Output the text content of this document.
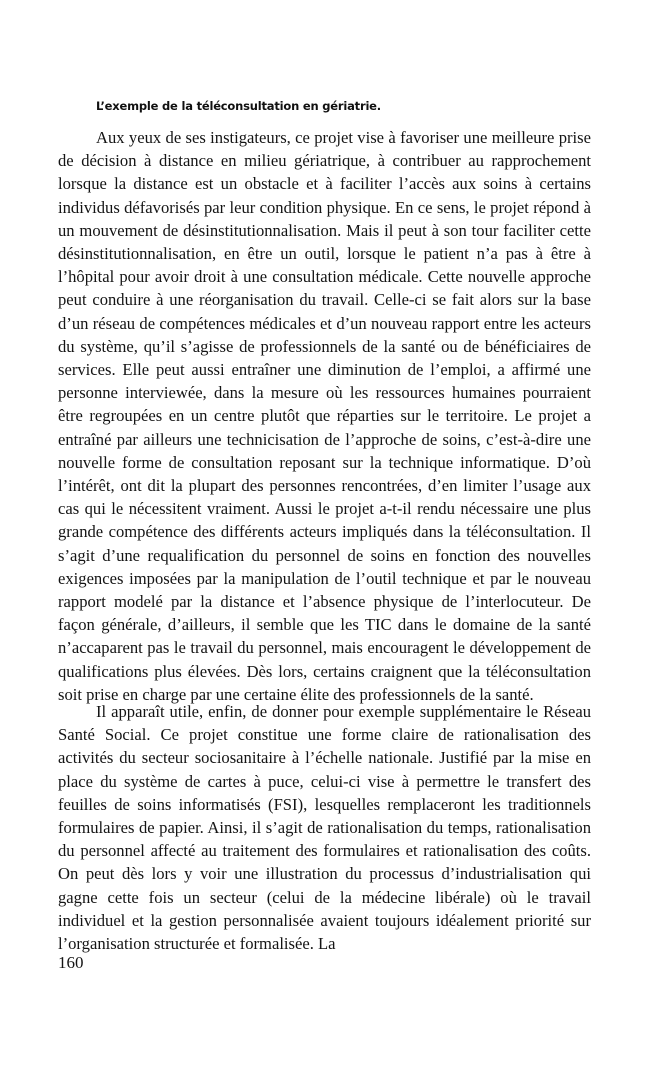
L’exemple de la téléconsultation en gériatrie.

Aux yeux de ses instigateurs, ce projet vise à favoriser une meilleure prise de décision à distance en milieu gériatrique, à contribuer au rapprochement lorsque la distance est un obstacle et à faciliter l’accès aux soins à certains individus défavorisés par leur condition physique. En ce sens, le projet répond à un mouvement de désinstitutionnalisation. Mais il peut à son tour faciliter cette désinstitutionnalisation, en être un outil, lorsque le patient n’a pas à être à l’hôpital pour avoir droit à une consultation médicale. Cette nouvelle approche peut conduire à une réorganisation du travail. Celle-ci se fait alors sur la base d’un réseau de compétences médicales et d’un nouveau rapport entre les acteurs du système, qu’il s’agisse de professionnels de la santé ou de bénéficiaires de services. Elle peut aussi entraîner une diminution de l’emploi, a affirmé une personne interviewée, dans la mesure où les ressources humaines pourraient être regroupées en un centre plutôt que réparties sur le territoire. Le projet a entraîné par ailleurs une technicisation de l’approche de soins, c’est-à-dire une nouvelle forme de consultation reposant sur la technique informatique. D’où l’intérêt, ont dit la plupart des personnes rencontrées, d’en limiter l’usage aux cas qui le nécessitent vraiment. Aussi le projet a-t-il rendu nécessaire une plus grande compétence des différents acteurs impliqués dans la téléconsultation. Il s’agit d’une requalification du personnel de soins en fonction des nouvelles exigences imposées par la manipulation de l’outil technique et par le nouveau rapport modelé par la distance et l’absence physique de l’interlocuteur. De façon générale, d’ailleurs, il semble que les TIC dans le domaine de la santé n’accaparent pas le travail du personnel, mais encouragent le développement de qualifications plus élevées. Dès lors, certains craignent que la téléconsultation soit prise en charge par une certaine élite des professionnels de la santé.

Il apparaît utile, enfin, de donner pour exemple supplémentaire le Réseau Santé Social. Ce projet constitue une forme claire de rationalisation des activités du secteur sociosanitaire à l’échelle nationale. Justifié par la mise en place du système de cartes à puce, celui-ci vise à permettre le transfert des feuilles de soins informatisés (FSI), lesquelles remplaceront les traditionnels formulaires de papier. Ainsi, il s’agit de rationalisation du temps, rationalisation du personnel affecté au traitement des formulaires et rationalisation des coûts. On peut dès lors y voir une illustration du processus d’industrialisation qui gagne cette fois un secteur (celui de la médecine libérale) où le travail individuel et la gestion personnalisée avaient toujours idéalement priorité sur l’organisation structurée et formalisée. La

160
